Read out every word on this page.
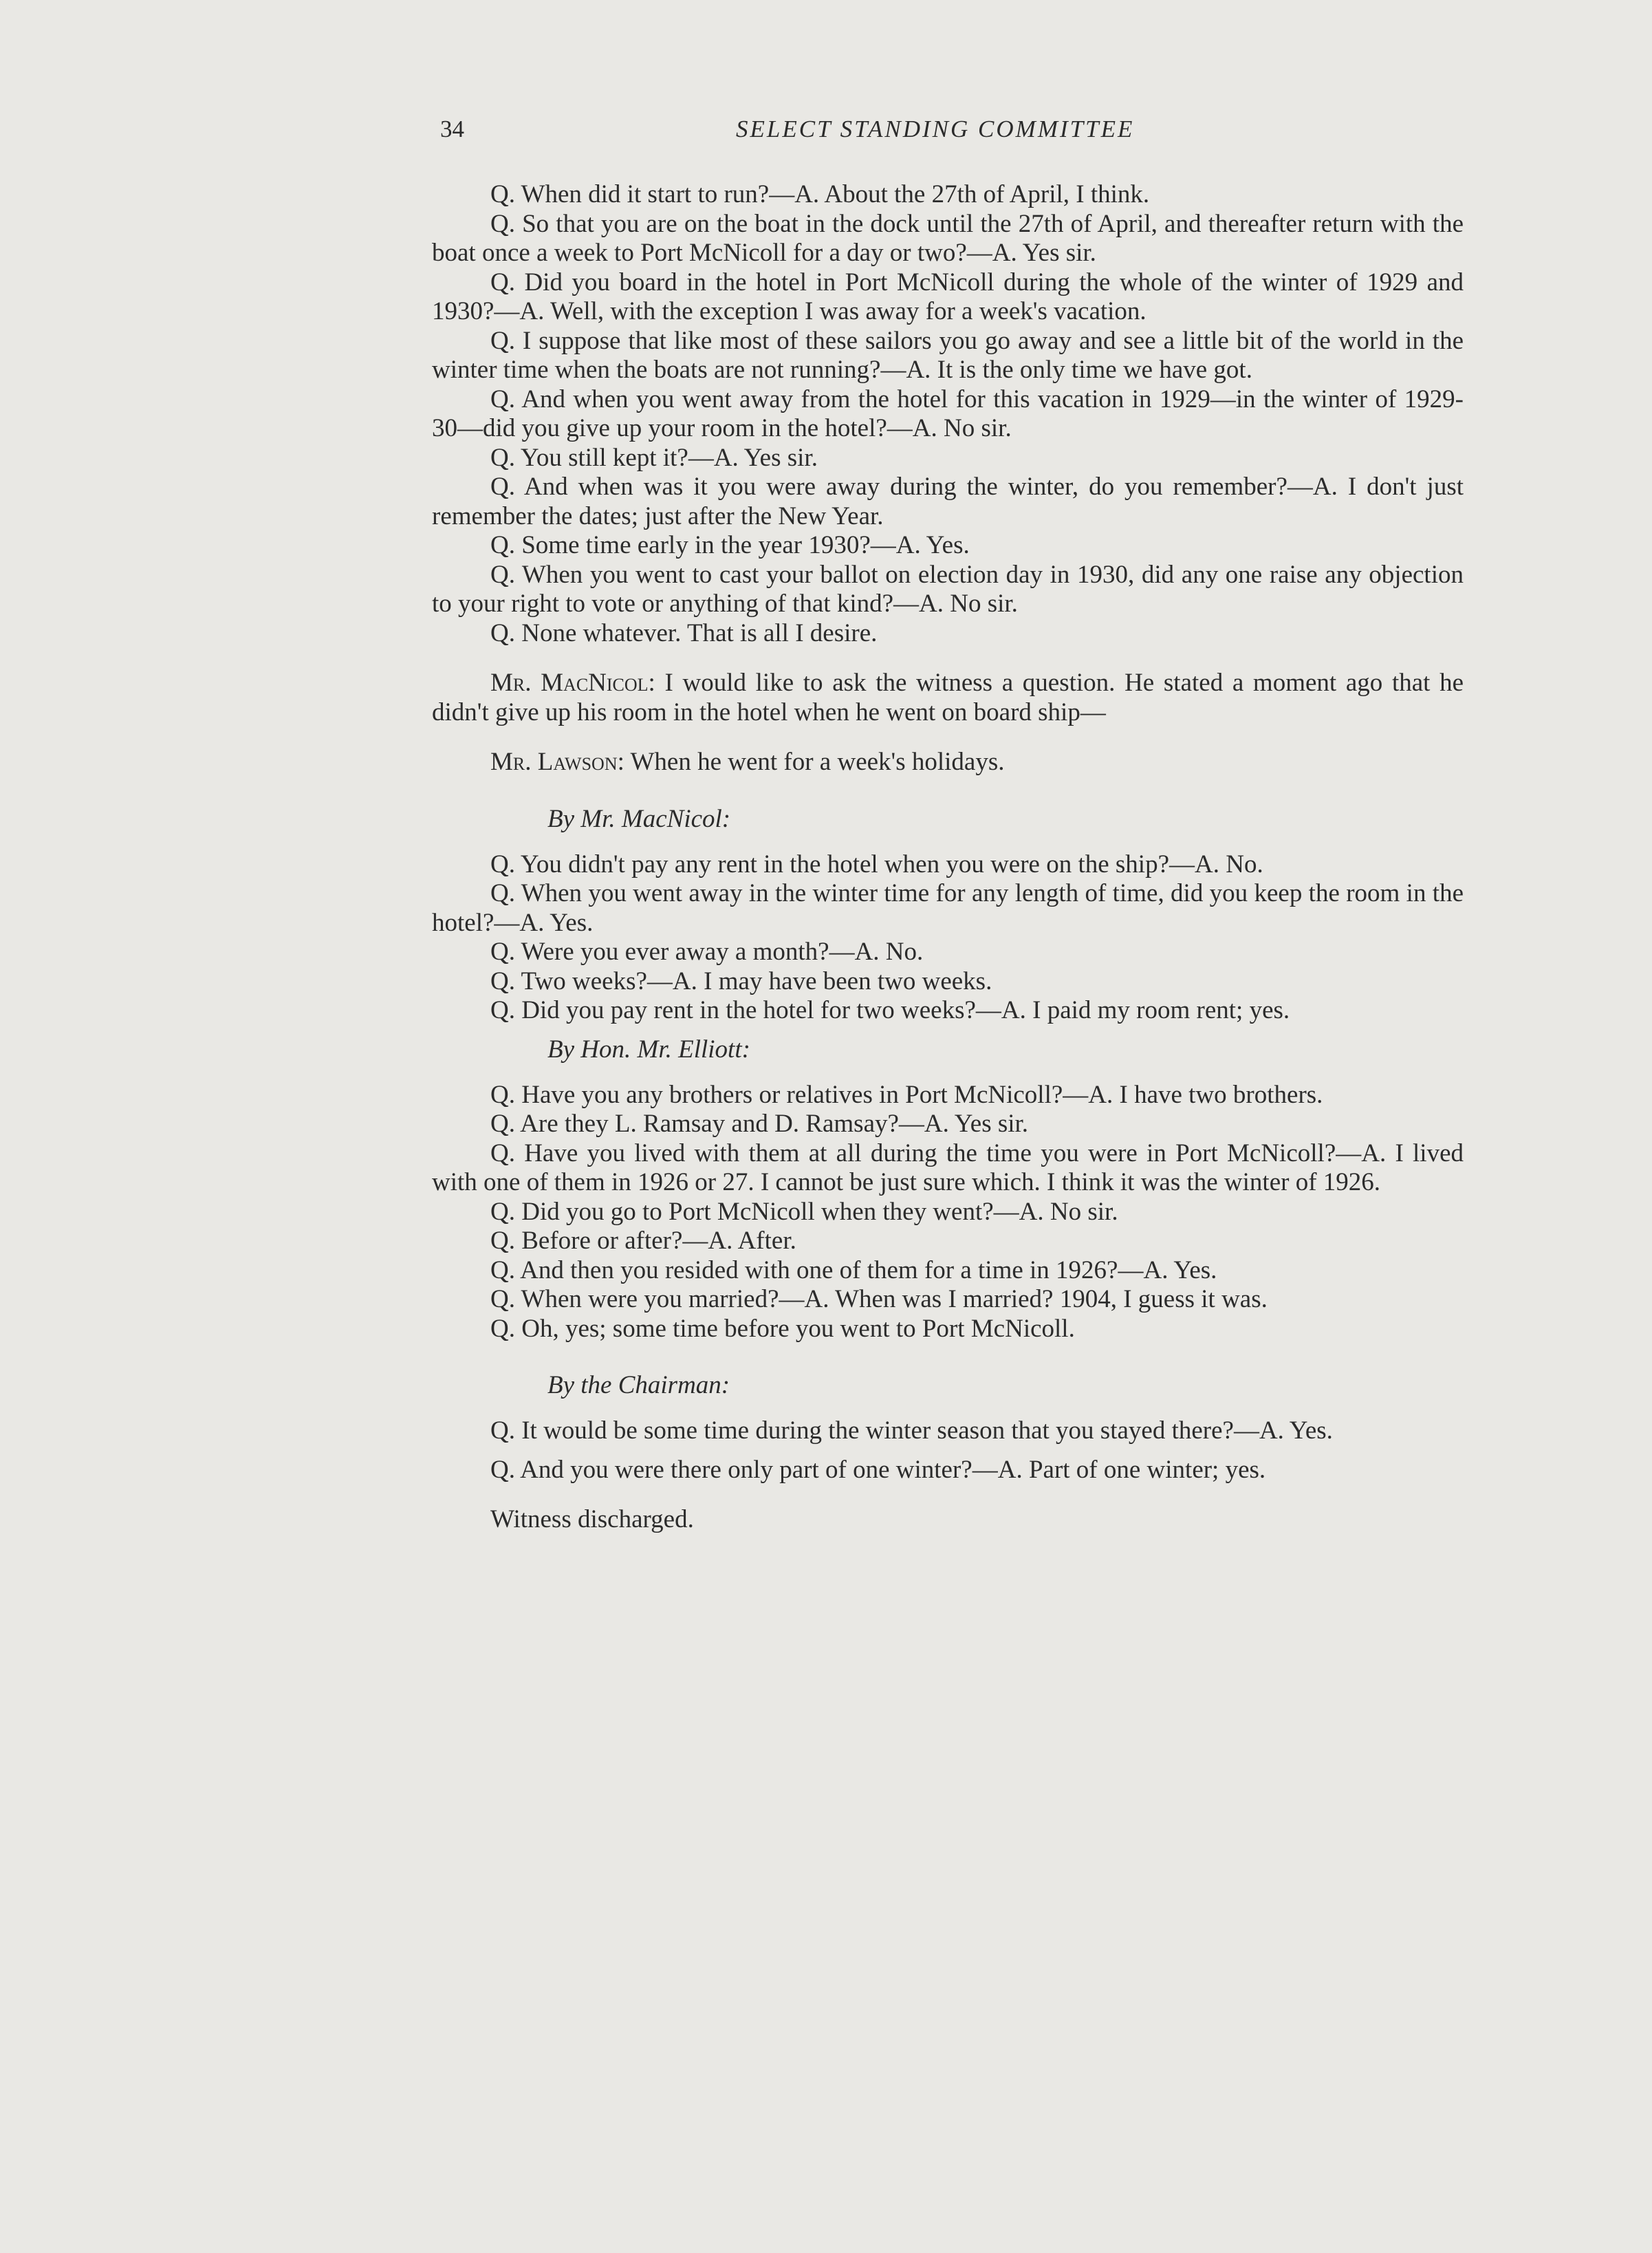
34	SELECT STANDING COMMITTEE

Q. When did it start to run?—A. About the 27th of April, I think.

Q. So that you are on the boat in the dock until the 27th of April, and thereafter return with the boat once a week to Port McNicoll for a day or two?—A. Yes sir.

Q. Did you board in the hotel in Port McNicoll during the whole of the winter of 1929 and 1930?—A. Well, with the exception I was away for a week's vacation.

Q. I suppose that like most of these sailors you go away and see a little bit of the world in the winter time when the boats are not running?—A. It is the only time we have got.

Q. And when you went away from the hotel for this vacation in 1929—in the winter of 1929-30—did you give up your room in the hotel?—A. No sir.

Q. You still kept it?—A. Yes sir.

Q. And when was it you were away during the winter, do you remember?—A. I don't just remember the dates; just after the New Year.

Q. Some time early in the year 1930?—A. Yes.

Q. When you went to cast your ballot on election day in 1930, did any one raise any objection to your right to vote or anything of that kind?—A. No sir.

Q. None whatever. That is all I desire.

Mr. MacNicol: I would like to ask the witness a question. He stated a moment ago that he didn't give up his room in the hotel when he went on board ship—

Mr. Lawson: When he went for a week's holidays.

By Mr. MacNicol:

Q. You didn't pay any rent in the hotel when you were on the ship?—A. No.

Q. When you went away in the winter time for any length of time, did you keep the room in the hotel?—A. Yes.

Q. Were you ever away a month?—A. No.

Q. Two weeks?—A. I may have been two weeks.

Q. Did you pay rent in the hotel for two weeks?—A. I paid my room rent; yes.

By Hon. Mr. Elliott:

Q. Have you any brothers or relatives in Port McNicoll?—A. I have two brothers.

Q. Are they L. Ramsay and D. Ramsay?—A. Yes sir.

Q. Have you lived with them at all during the time you were in Port McNicoll?—A. I lived with one of them in 1926 or 27. I cannot be just sure which. I think it was the winter of 1926.

Q. Did you go to Port McNicoll when they went?—A. No sir.

Q. Before or after?—A. After.

Q. And then you resided with one of them for a time in 1926?—A. Yes.

Q. When were you married?—A. When was I married? 1904, I guess it was.

Q. Oh, yes; some time before you went to Port McNicoll.

By the Chairman:

Q. It would be some time during the winter season that you stayed there?—A. Yes.

Q. And you were there only part of one winter?—A. Part of one winter; yes.

Witness discharged.
